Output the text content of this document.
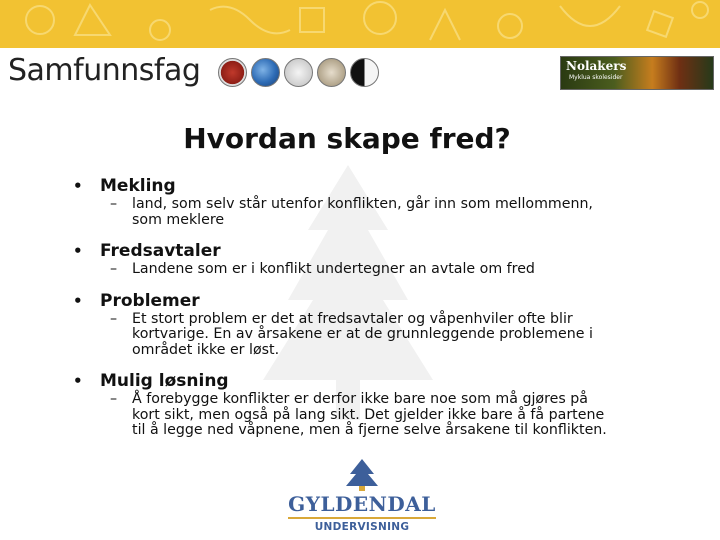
Samfunnsfag	Nolakers
Myklua skolesider
Hvordan skape fred?
• Mekling
– land, som selv står utenfor konflikten, går inn som mellommenn,
som meklere
• Fredsavtaler
– Landene som er i konflikt undertegner an avtale om fred
• Problemer
– Et stort problem er det at fredsavtaler og våpenhviler ofte blir
kortvarige. En av årsakene er at de grunnleggende problemene i
området ikke er løst.
• Mulig løsning
– Å forebygge konflikter er derfor ikke bare noe som må gjøres på
kort sikt, men også på lang sikt. Det gjelder ikke bare å få partene
til å legge ned våpnene, men å fjerne selve årsakene til konflikten.
GYLDENDAL
UNDERVISNING
